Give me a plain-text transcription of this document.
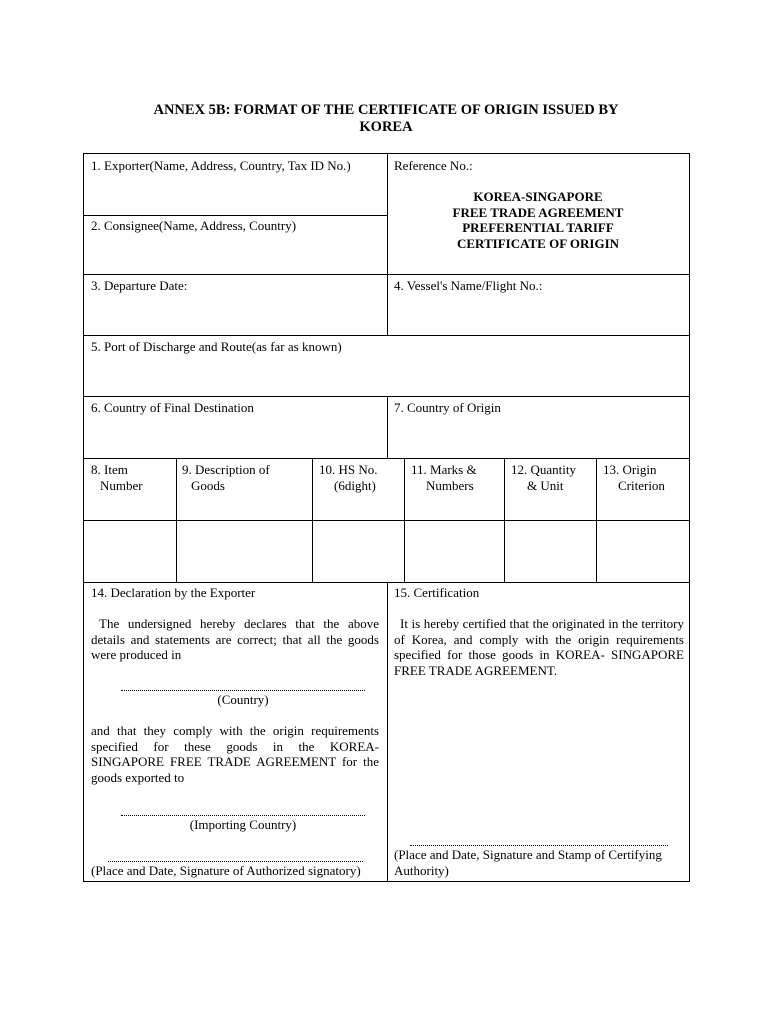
ANNEX 5B: FORMAT OF THE CERTIFICATE OF ORIGIN ISSUED BY
KOREA
1. Exporter(Name, Address, Country, Tax ID No.)
2. Consignee(Name, Address, Country)
Reference No.:
KOREA-SINGAPORE
FREE TRADE AGREEMENT
PREFERENTIAL TARIFF
CERTIFICATE OF ORIGIN
3. Departure Date:	4. Vessel's Name/Flight No.:
5. Port of Discharge and Route(as far as known)
6. Country of Final Destination	7. Country of Origin
8. Item
Number
9. Description of
Goods
10. HS No.
(6dight)
11. Marks &
Numbers
12. Quantity
& Unit
13. Origin
Criterion
14. Declaration by the Exporter
The undersigned hereby declares that the above details and statements are correct; that all the goods were produced in
(Country)
and that they comply with the origin requirements specified for these goods in the KOREA- SINGAPORE FREE TRADE AGREEMENT for the goods exported to
(Importing Country)
(Place and Date, Signature of Authorized signatory)
15. Certification
It is hereby certified that the originated in the territory of Korea, and comply with the origin requirements specified for those goods in KOREA- SINGAPORE FREE TRADE AGREEMENT.
(Place and Date, Signature and Stamp of Certifying Authority)
